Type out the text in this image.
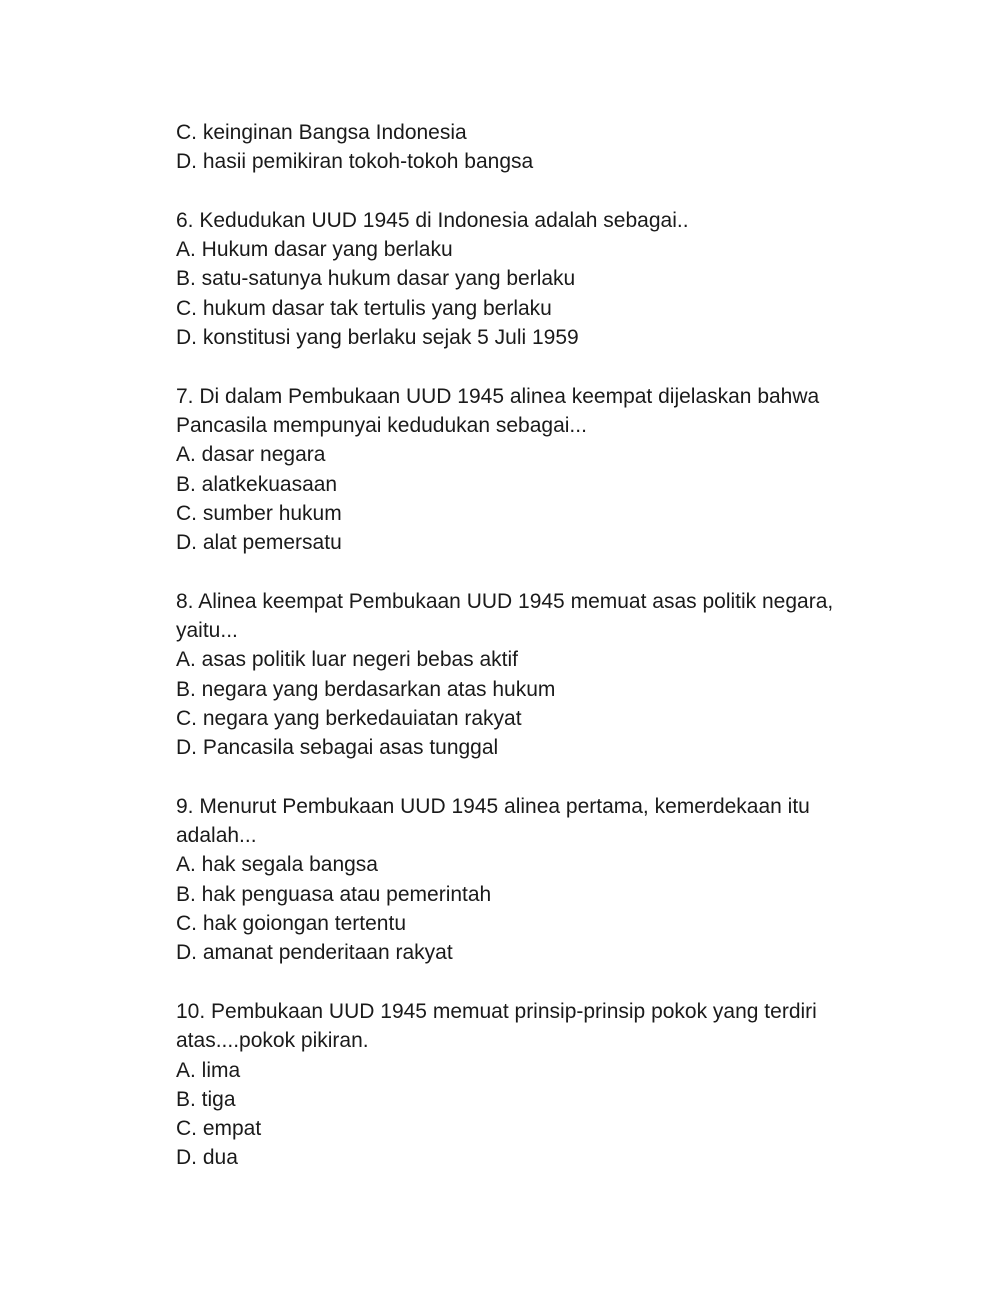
C. keinginan Bangsa Indonesia

D. hasii pemikiran tokoh-tokoh bangsa

6. Kedudukan UUD 1945 di Indonesia adalah sebagai..

A. Hukum dasar yang berlaku

B. satu-satunya hukum dasar yang berlaku

C. hukum dasar tak tertulis yang berlaku

D. konstitusi yang berlaku sejak 5 Juli 1959

7. Di dalam Pembukaan UUD 1945 alinea keempat dijelaskan bahwa

Pancasila mempunyai kedudukan sebagai...

A. dasar negara

B. alatkekuasaan

C. sumber hukum

D. alat pemersatu

8. Alinea keempat Pembukaan UUD 1945 memuat asas politik negara,

yaitu...

A. asas politik luar negeri bebas aktif

B. negara yang berdasarkan atas hukum

C. negara yang berkedauiatan rakyat

D. Pancasila sebagai asas tunggal

9. Menurut Pembukaan UUD 1945 alinea pertama, kemerdekaan itu

adalah...

A. hak segala bangsa

B. hak penguasa atau pemerintah

C. hak goiongan tertentu

D. amanat penderitaan rakyat

10. Pembukaan UUD 1945 memuat prinsip-prinsip pokok yang terdiri

atas....pokok pikiran.

A. lima

B. tiga

C. empat

D. dua
